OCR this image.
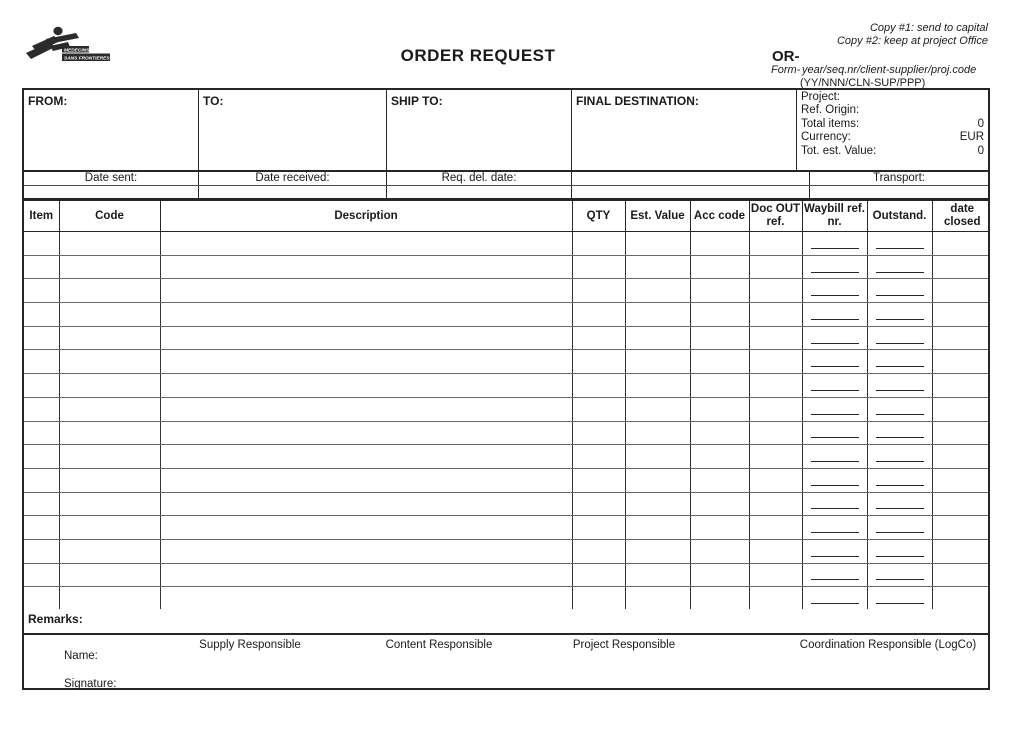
MEDECINS
SANS FRONTIERES
Copy #1: send to capital
Copy #2: keep at project Office
ORDER REQUEST	OR-
Form- year/seq.nr/client-supplier/proj.code
(YY/NNN/CLN-SUP/PPP)
FROM:	TO:	SHIP TO:	FINAL DESTINATION:	Project:
Ref. Origin:
Total items:	0
Currency:	EUR
Tot. est. Value:	0
Date sent:	Date received:	Req. del. date:	Transport:
Item	Code	Description	QTY	Est. Value	Acc code	Doc OUT ref.	Waybill ref. nr.	Outstand.	date closed

Remarks:
Supply Responsible	Content Responsible	Project Responsible	Coordination Responsible (LogCo)
Name:
Signature:
